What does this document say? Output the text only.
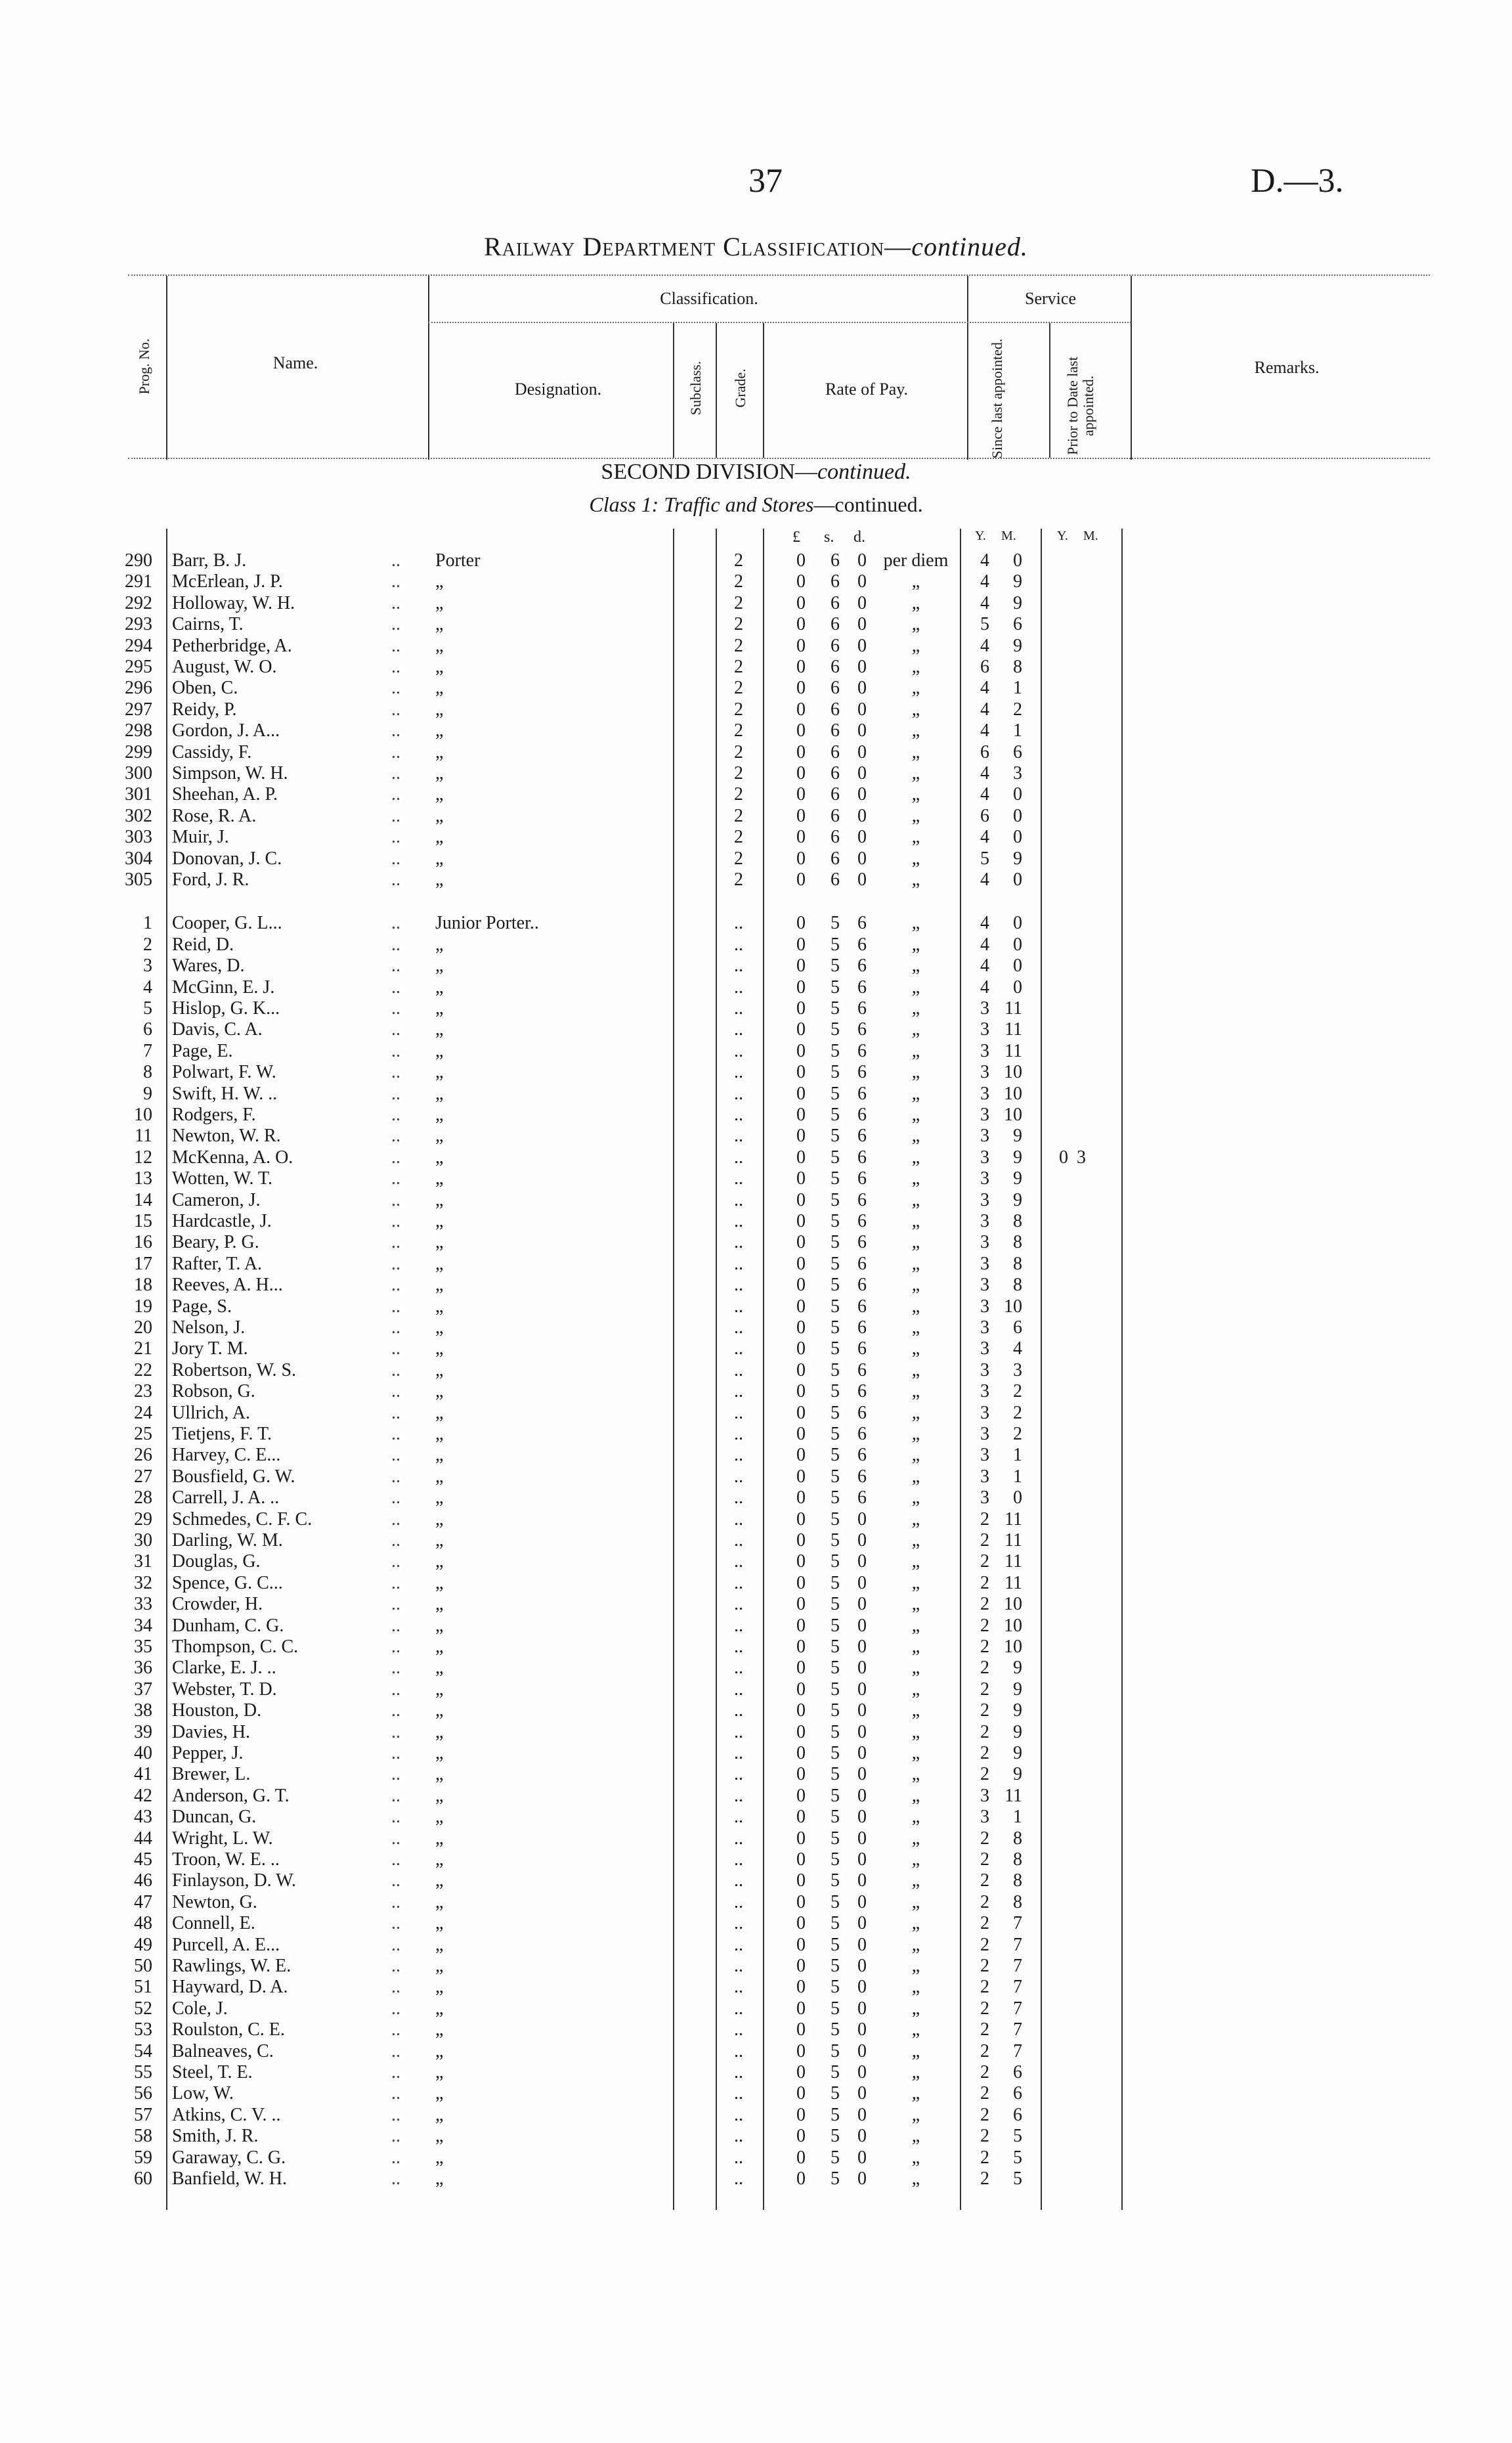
37	D.—3.
Railway Department Classification—continued.
Prog. No.	Name.
Classification.
Designation.	Subclass. Grade.	Rate of Pay.
Service
Since last appointed.	Prior to Date last appointed.
Remarks.
SECOND DIVISION—continued.
Class 1: Traffic and Stores—continued.
£ s. d.	Y. M.	Y. M.
290 Barr, B. J.	.. Porter	2	0	6 0 per diem	4	0
291 McErlean, J. P.	.. „	2	0	6 0	„	4	9
292 Holloway, W. H.	.. „	2	0	6 0	„	4	9
293 Cairns, T.	.. „	2	0	6 0	„	5	6
294 Petherbridge, A.	.. „	2	0	6 0	„	4	9
295 August, W. O.	.. „	2	0	6 0	„	6	8
296 Oben, C.	.. „	2	0	6 0	„	4	1
297 Reidy, P.	.. „	2	0	6 0	„	4	2
298 Gordon, J. A...	.. „	2	0	6 0	„	4	1
299 Cassidy, F.	.. „	2	0	6 0	„	6	6
300 Simpson, W. H.	.. „	2	0	6 0	„	4	3
301 Sheehan, A. P.	.. „	2	0	6 0	„	4	0
302 Rose, R. A.	.. „	2	0	6 0	„	6	0
303 Muir, J.	.. „	2	0	6 0	„	4	0
304 Donovan, J. C.	.. „	2	0	6 0	„	5	9
305 Ford, J. R.	.. „	2	0	6 0	„	4	0
1 Cooper, G. L...	.. Junior Porter..	..	0	5 6	„	4	0
2 Reid, D.	.. „	..	0	5 6	„	4	0
3 Wares, D.	.. „	..	0	5 6	„	4	0
4 McGinn, E. J.	.. „	..	0	5 6	„	4	0
5 Hislop, G. K...	.. „	..	0	5 6	„	3 11
6 Davis, C. A.	.. „	..	0	5 6	„	3 11
7 Page, E.	.. „	..	0	5 6	„	3 11
8 Polwart, F. W.	.. „	..	0	5 6	„	3 10
9 Swift, H. W. ..	.. „	..	0	5 6	„	3 10
10 Rodgers, F.	.. „	..	0	5 6	„	3 10
11 Newton, W. R.	.. „	..	0	5 6	„	3	9
12 McKenna, A. O.	.. „	..	0	5 6	„	3	9	0 3
13 Wotten, W. T.	.. „	..	0	5 6	„	3	9
14 Cameron, J.	.. „	..	0	5 6	„	3	9
15 Hardcastle, J.	.. „	..	0	5 6	„	3	8
16 Beary, P. G.	.. „	..	0	5 6	„	3	8
17 Rafter, T. A.	.. „	..	0	5 6	„	3	8
18 Reeves, A. H...	.. „	..	0	5 6	„	3	8
19 Page, S.	.. „	..	0	5 6	„	3 10
20 Nelson, J.	.. „	..	0	5 6	„	3	6
21 Jory T. M.	.. „	..	0	5 6	„	3	4
22 Robertson, W. S.	.. „	..	0	5 6	„	3	3
23 Robson, G.	.. „	..	0	5 6	„	3	2
24 Ullrich, A.	.. „	..	0	5 6	„	3	2
25 Tietjens, F. T.	.. „	..	0	5 6	„	3	2
26 Harvey, C. E...	.. „	..	0	5 6	„	3	1
27 Bousfield, G. W.	.. „	..	0	5 6	„	3	1
28 Carrell, J. A. ..	.. „	..	0	5 6	„	3	0
29 Schmedes, C. F. C.	.. „	..	0	5 0	„	2 11
30 Darling, W. M.	.. „	..	0	5 0	„	2 11
31 Douglas, G.	.. „	..	0	5 0	„	2 11
32 Spence, G. C...	.. „	..	0	5 0	„	2 11
33 Crowder, H.	.. „	..	0	5 0	„	2 10
34 Dunham, C. G.	.. „	..	0	5 0	„	2 10
35 Thompson, C. C.	.. „	..	0	5 0	„	2 10
36 Clarke, E. J. ..	.. „	..	0	5 0	„	2	9
37 Webster, T. D.	.. „	..	0	5 0	„	2	9
38 Houston, D.	.. „	..	0	5 0	„	2	9
39 Davies, H.	.. „	..	0	5 0	„	2	9
40 Pepper, J.	.. „	..	0	5 0	„	2	9
41 Brewer, L.	.. „	..	0	5 0	„	2	9
42 Anderson, G. T.	.. „	..	0	5 0	„	3 11
43 Duncan, G.	.. „	..	0	5 0	„	3	1
44 Wright, L. W.	.. „	..	0	5 0	„	2	8
45 Troon, W. E. ..	.. „	..	0	5 0	„	2	8
46 Finlayson, D. W.	.. „	..	0	5 0	„	2	8
47 Newton, G.	.. „	..	0	5 0	„	2	8
48 Connell, E.	.. „	..	0	5 0	„	2	7
49 Purcell, A. E...	.. „	..	0	5 0	„	2	7
50 Rawlings, W. E.	.. „	..	0	5 0	„	2	7
51 Hayward, D. A.	.. „	..	0	5 0	„	2	7
52 Cole, J.	.. „	..	0	5 0	„	2	7
53 Roulston, C. E.	.. „	..	0	5 0	„	2	7
54 Balneaves, C.	.. „	..	0	5 0	„	2	7
55 Steel, T. E.	.. „	..	0	5 0	„	2	6
56 Low, W.	.. „	..	0	5 0	„	2	6
57 Atkins, C. V. ..	.. „	..	0	5 0	„	2	6
58 Smith, J. R.	.. „	..	0	5 0	„	2	5
59 Garaway, C. G.	.. „	..	0	5 0	„	2	5
60 Banfield, W. H.	.. „	..	0	5 0	„	2	5
